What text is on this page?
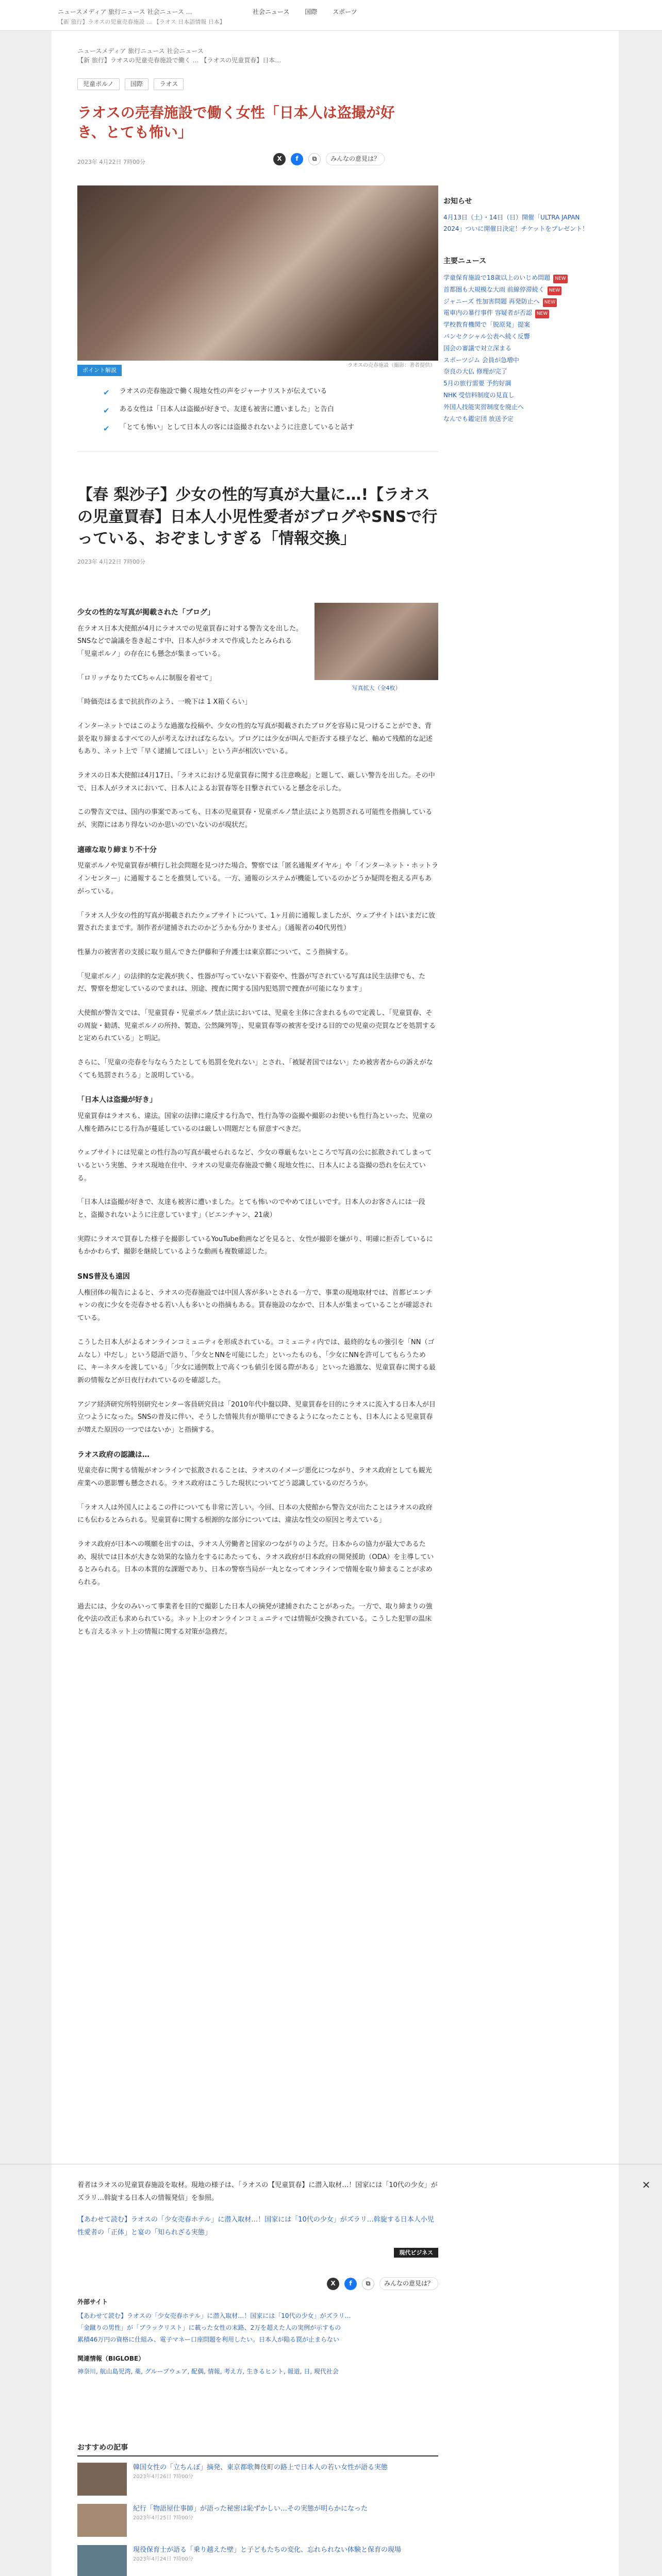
ニュースメディア 旅行ニュース 社会ニュース …
【新 旅行】ラオスの児童売春施設 ... 【ラオス 日本語情報 日本】
社会ニュース 国際 スポーツ
ニュースメディア 旅行ニュース 社会ニュース
【新 旅行】ラオスの児童売春施設で働く … 【ラオスの児童買春】日本…
児童ポルノ	国際	ラオス
ラオスの売春施設で働く女性「日本人は盗撮が好き、とても怖い」
2023年 4月22日 7時00分	X	f	⧉	みんなの意見は？
ラオスの売春施設（撮影：著者提供）
ポイント解説
✔ ラオスの売春施設で働く現地女性の声をジャーナリストが伝えている
✔ ある女性は「日本人は盗撮が好きで、友達も被害に遭いました」と告白
✔ 「とても怖い」として日本人の客には盗撮されないように注意していると話す
【春 梨沙子】少女の性的写真が大量に…!【ラオスの児童買春】日本人小児性愛者がブログやSNSで行っている、おぞましすぎる「情報交換」
2023年 4月22日 7時00分
写真拡大（全4枚）
少女の性的な写真が掲載された「ブログ」

在ラオス日本大使館が4月にラオスでの児童買春に対する警告文を出した。SNSなどで論議を巻き起こす中、日本人がラオスで作成したとみられる「児童ポルノ」の存在にも懸念が集まっている。

「ロリッチなりたてCちゃんに制服を着せて」

「時価売はるまで抗抗作のよう、一晩下は 1 X箱くらい」

インターネットではこのような過激な投稿や、少女の性的な写真が掲載されたブログを容易に見つけることができ、背景を取り締まるすべての人が考えなければならない。ブログには少女が叫んで拒否する様子など、軸めて残酷的な記述もあり、ネット上で「早く逮捕してほしい」という声が相次いでいる。

ラオスの日本大使館は4月17日、「ラオスにおける児童買春に関する注意喚起」と題して、厳しい警告を出した。その中で、日本人がラオスにおいて、日本人によるお買春等を目撃されていると懸念を示した。

この警告文では、国内の事案であっても、日本の児童買春・児童ポルノ禁止法により処罰される可能性を指摘しているが、実際にはあり得ないのか思いのでいないのが現状だ。

適確な取り締まり不十分

児童ポルノや児童買春が横行し社会問題を見つけた場合、警察では「匿名通報ダイヤル」や「インターネット・ホットラインセンター」に通報することを推奨している。一方、通報のシステムが機能しているのかどうか疑問を抱える声もあがっている。

「ラオス人少女の性的写真が掲載されたウェブサイトについて、1ヶ月前に通報しましたが、ウェブサイトはいまだに放置されたままです。制作者が逮捕されたのかどうかも分かりません」（通報者の40代男性）

性暴力の被害者の支援に取り組んできた伊藤和子弁護士は東京都について、こう指摘する。

「児童ポルノ」の法律的な定義が狭く、性器が写っていない下着姿や、性器が写されている写真は民生法律でも、ただ、警察を想定しているのでまれは、別途、捜査に関する国内犯処罰で捜査が可能になります」

大使館が警告文では、「児童買春・児童ポルノ禁止法においては、児童を主体に含まれるもので定義し、「児童買春、その周旋・勧誘、児童ポルノの所持、製造、公然陳列等」、児童買春等の被害を受ける目的での児童の売買などを処罰すると定められている」と明記。

さらに、「児童の売春を与ならうたとしても処罰を免れない」とされ、「被疑者国ではない」ため被害者からの訴えがなくても処罰されうる」と説明している。

「日本人は盗撮が好き」

児童買春はラオスも、違法。国家の法律に違反する行為で、性行為等の盗撮や撮影のお使いも性行為といった、児童の人権を踏みにじる行為が蔓延しているのは厳しい問題だとも留意すべきだ。

ウェブサイトには児童との性行為の写真が載せられるなど、少女の尊厳もないところで写真の公に拡散されてしまっているという実態、ラオス現地在住中、ラオスの児童売春施設で働く現地女性に、日本人による盗撮の恐れを伝えている。

「日本人は盗撮が好きで、友達も被害に遭いました。とても怖いのでやめてほしいです。日本人のお客さんには一段と、盗撮されないように注意しています」（ビエンチャン、21歳）

実際にラオスで買春した様子を撮影しているYouTube動画などを見ると、女性が撮影を嫌がり、明確に拒否しているにもかかわらず、撮影を継続しているような動画も複数確認した。

SNS普及も遠因

人権団体の報告によると、ラオスの売春施設では中国人客が多いとされる一方で、事業の現地取材では、首都ビエンチャンの夜に少女を売春させる若い人も多いとの指摘もある。買春施設のなかで、日本人が集まっていることが確認されている。

こうした日本人がよるオンラインコミュニティを形成されている。コミュニティ内では、最終的なもの強引を「NN（ゴムなし）中だし」という隠語で語り、「少女とNNを可能にした」といったものも、「少女にNNを許可してもらうために、キーネタルを渡している」「少女に通例数上で高くつも値引を図る際がある」といった過激な、児童買春に関する最新の情報などが日夜行われているのを確認した。

アジア経済研究所特別研究センター客員研究員は「2010年代中盤以降、児童買春を目的にラオスに流入する日本人が目立つようになった。SNSの普及に伴い、そうした情報共有が簡単にできるようになったことも、日本人による児童買春が増えた原因の一つではないか」と指摘する。

ラオス政府の認識は…

児童売春に関する情報がオンラインで拡散されることは、ラオスのイメージ悪化につながり、ラオス政府としても観光産業への悪影響も懸念される。ラオス政府はこうした現状についてどう認識しているのだろうか。

「ラオス人は外国人によるこの件についても非常に苦しい。今回、日本の大使館から警告文が出たことはラオスの政府にも伝わるとみられる。児童買春に関する根源的な部分については、違法な性交の原因と考えている」

ラオス政府が日本への嘆願を出すのは、ラオス人労働者と国家のつながりのようだ。日本からの協力が最大であるため、現状では日本が大きな効果的な協力をするにあたっても、ラオス政府が日本政府の開発援助（ODA）を主導しているとみられる。日本の本質的な課題であり、日本の警察当局が一丸となってオンラインで情報を取り締まることが求められる。

過去には、少女のみいって事業者を目的で撮影した日本人の摘発が逮捕されたことがあった。一方で、取り締まりの強化や法の改正も求められている。ネット上のオンラインコミュニティでは情報が交換されている。こうした犯罪の温床とも言えるネット上の情報に関する対策が急務だ。

お知らせ

4月13日（土）・14日（日）開催「ULTRA JAPAN 2024」ついに開催日決定！チケットをプレゼント！

主要ニュース
学童保育施設で18歳以上のいじめ問題 NEW
首都圏も大規模な大雨 前線停滞続く NEW
ジャニーズ 性加害問題 再発防止へ NEW
電車内の暴行事件 容疑者が否認 NEW
学校教育機関で「脱原発」提案
パンセクシャル公表へ続く反響
国会の審議で対立深まる
スポーツジム 会員が急増中
奈良の大仏 修理が完了
5月の旅行需要 予約好調
NHK 受信料制度の見直し
外国人技能実習制度を廃止へ
なんでも鑑定団 放送予定

着者はラオスの児童買春施設を取材。現地の様子は、「ラオスの【児童買春】に潜入取材…！国家には「10代の少女」がズラリ…斡旋する日本人の情報発信」を参照。

【あわせて読む】ラオスの「少女売春ホテル」に潜入取材…！国家には「10代の少女」がズラリ…斡旋する日本人小児性愛者の「正体」と宴の「知られざる実態」

現代ビジネス
✕
X	f	⧉	みんなの意見は？
外部サイト
【あわせて読む】ラオスの「少女売春ホテル」に潜入取材…！国家には「10代の少女」がズラリ…
「金蹴りの男性」が「ブラックリスト」に載った女性の末路、2万を超えた人の実例が示すもの
累積46万円の資格に仕組み、電子マネー口座問題を利用したい。日本人が陥る罠が止まらない
関連情報（BIGLOBE）
神奈川, 航山島児湾, 薬, グループウェア, 配偶, 情報, 考え方, 生きるヒント, 報道, 日, 現代社会
おすすめの記事
韓国女性の「立ちんぼ」摘発、東京都歌舞伎町の路上で日本人の若い女性が語る実態
2023年4月26日 7時00分
紀行「物語屋仕事師」が語った秘密は恥ずかしい…その実態が明らかになった
2023年4月25日 7時00分
現役保育士が語る「乗り越えた壁」と子どもたちの変化、忘れられない体験と保育の現場
2023年4月24日 7時00分
